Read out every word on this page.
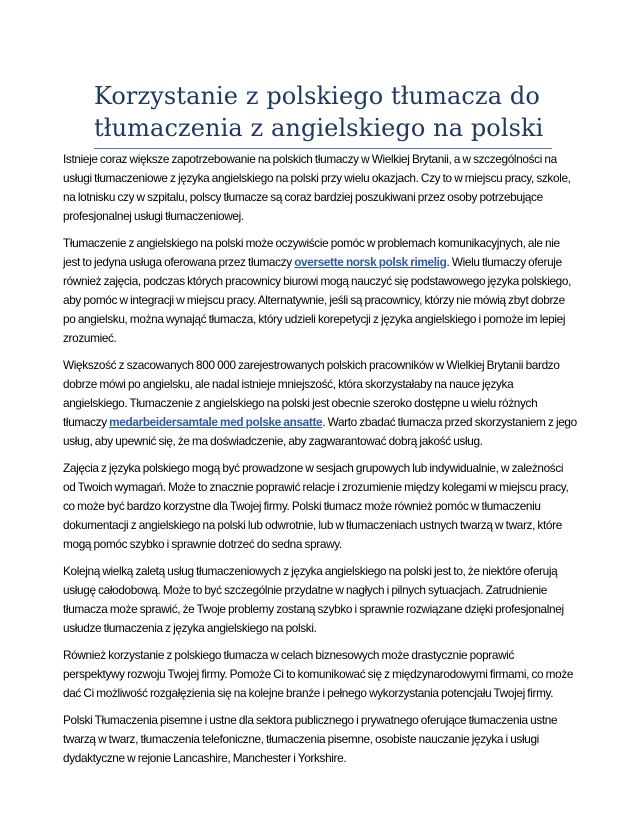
Korzystanie z polskiego tłumacza do tłumaczenia z angielskiego na polski

Istnieje coraz większe zapotrzebowanie na polskich tłumaczy w Wielkiej Brytanii, a w szczególności na usługi tłumaczeniowe z języka angielskiego na polski przy wielu okazjach. Czy to w miejscu pracy, szkole, na lotnisku czy w szpitalu, polscy tłumacze są coraz bardziej poszukiwani przez osoby potrzebujące profesjonalnej usługi tłumaczeniowej.

Tłumaczenie z angielskiego na polski może oczywiście pomóc w problemach komunikacyjnych, ale nie jest to jedyna usługa oferowana przez tłumaczy oversette norsk polsk rimelig. Wielu tłumaczy oferuje również zajęcia, podczas których pracownicy biurowi mogą nauczyć się podstawowego języka polskiego, aby pomóc w integracji w miejscu pracy. Alternatywnie, jeśli są pracownicy, którzy nie mówią zbyt dobrze po angielsku, można wynająć tłumacza, który udzieli korepetycji z języka angielskiego i pomoże im lepiej zrozumieć.

Większość z szacowanych 800 000 zarejestrowanych polskich pracowników w Wielkiej Brytanii bardzo dobrze mówi po angielsku, ale nadal istnieje mniejszość, która skorzystałaby na nauce języka angielskiego. Tłumaczenie z angielskiego na polski jest obecnie szeroko dostępne u wielu różnych tłumaczy medarbeidersamtale med polske ansatte. Warto zbadać tłumacza przed skorzystaniem z jego usług, aby upewnić się, że ma doświadczenie, aby zagwarantować dobrą jakość usług.

Zajęcia z języka polskiego mogą być prowadzone w sesjach grupowych lub indywidualnie, w zależności od Twoich wymagań. Może to znacznie poprawić relacje i zrozumienie między kolegami w miejscu pracy, co może być bardzo korzystne dla Twojej firmy. Polski tłumacz może również pomóc w tłumaczeniu dokumentacji z angielskiego na polski lub odwrotnie, lub w tłumaczeniach ustnych twarzą w twarz, które mogą pomóc szybko i sprawnie dotrzeć do sedna sprawy.

Kolejną wielką zaletą usług tłumaczeniowych z języka angielskiego na polski jest to, że niektóre oferują usługę całodobową. Może to być szczególnie przydatne w nagłych i pilnych sytuacjach. Zatrudnienie tłumacza może sprawić, że Twoje problemy zostaną szybko i sprawnie rozwiązane dzięki profesjonalnej usłudze tłumaczenia z języka angielskiego na polski.

Również korzystanie z polskiego tłumacza w celach biznesowych może drastycznie poprawić perspektywy rozwoju Twojej firmy. Pomoże Ci to komunikować się z międzynarodowymi firmami, co może dać Ci możliwość rozgałęzienia się na kolejne branże i pełnego wykorzystania potencjału Twojej firmy.

Polski Tłumaczenia pisemne i ustne dla sektora publicznego i prywatnego oferujące tłumaczenia ustne twarzą w twarz, tłumaczenia telefoniczne, tłumaczenia pisemne, osobiste nauczanie języka i usługi dydaktyczne w rejonie Lancashire, Manchester i Yorkshire.
